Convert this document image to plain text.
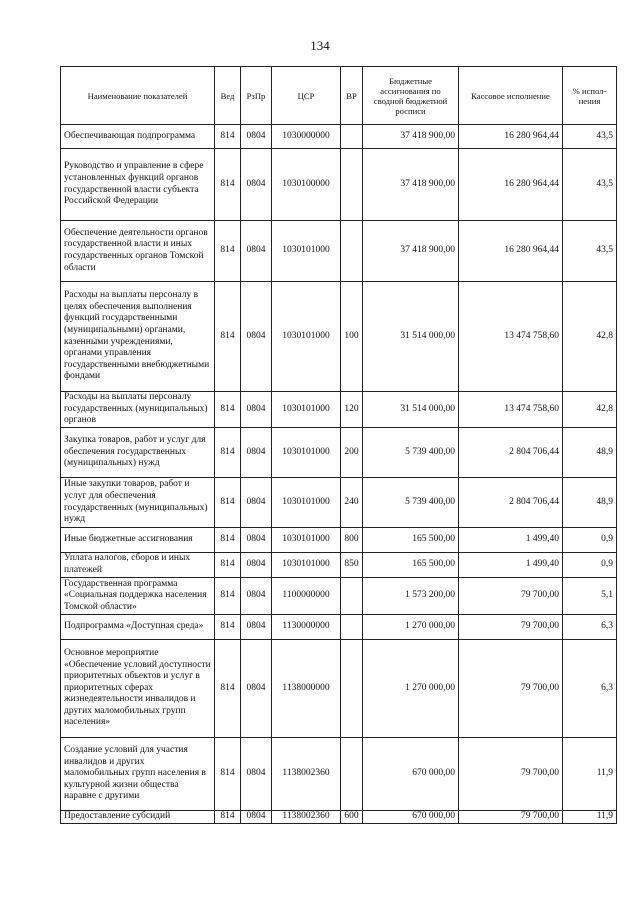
134
Наименование показателей	Вед	РзПр	ЦСР	ВР	Бюджетные ассигнования по сводной бюджетной росписи	Кассовое исполнение	% испол- нения
Обеспечивающая подпрограмма	814	0804	1030000000		37 418 900,00	16 280 964,44	43,5
Руководство и управление в сфере установленных функций органов государственной власти субъекта Российской Федерации	814	0804	1030100000		37 418 900,00	16 280 964,44	43,5
Обеспечение деятельности органов государственной власти и иных государственных органов Томской области	814	0804	1030101000		37 418 900,00	16 280 964,44	43,5
Расходы на выплаты персоналу в целях обеспечения выполнения функций государственными (муниципальными) органами, казенными учреждениями, органами управления государственными внебюджетными фондами	814	0804	1030101000	100	31 514 000,00	13 474 758,60	42,8
Расходы на выплаты персоналу государственных (муниципальных) органов	814	0804	1030101000	120	31 514 000,00	13 474 758,60	42,8
Закупка товаров, работ и услуг для обеспечения государственных (муниципальных) нужд	814	0804	1030101000	200	5 739 400,00	2 804 706,44	48,9
Иные закупки товаров, работ и услуг для обеспечения государственных (муниципальных) нужд	814	0804	1030101000	240	5 739 400,00	2 804 706,44	48,9
Иные бюджетные ассигнования	814	0804	1030101000	800	165 500,00	1 499,40	0,9
Уплата налогов, сборов и иных платежей	814	0804	1030101000	850	165 500,00	1 499,40	0,9
Государственная программа «Социальная поддержка населения Томской области»	814	0804	1100000000		1 573 200,00	79 700,00	5,1
Подпрограмма «Доступная среда»	814	0804	1130000000		1 270 000,00	79 700,00	6,3
Основное мероприятие «Обеспечение условий доступности приоритетных объектов и услуг в приоритетных сферах жизнедеятельности инвалидов и других маломобильных групп населения»	814	0804	1138000000		1 270 000,00	79 700,00	6,3
Создание условий для участия инвалидов и других маломобильных групп населения в культурной жизни общества наравне с другими	814	0804	1138002360		670 000,00	79 700,00	11,9
Предоставление субсидий	814	0804	1138002360	600	670 000,00	79 700,00	11,9
